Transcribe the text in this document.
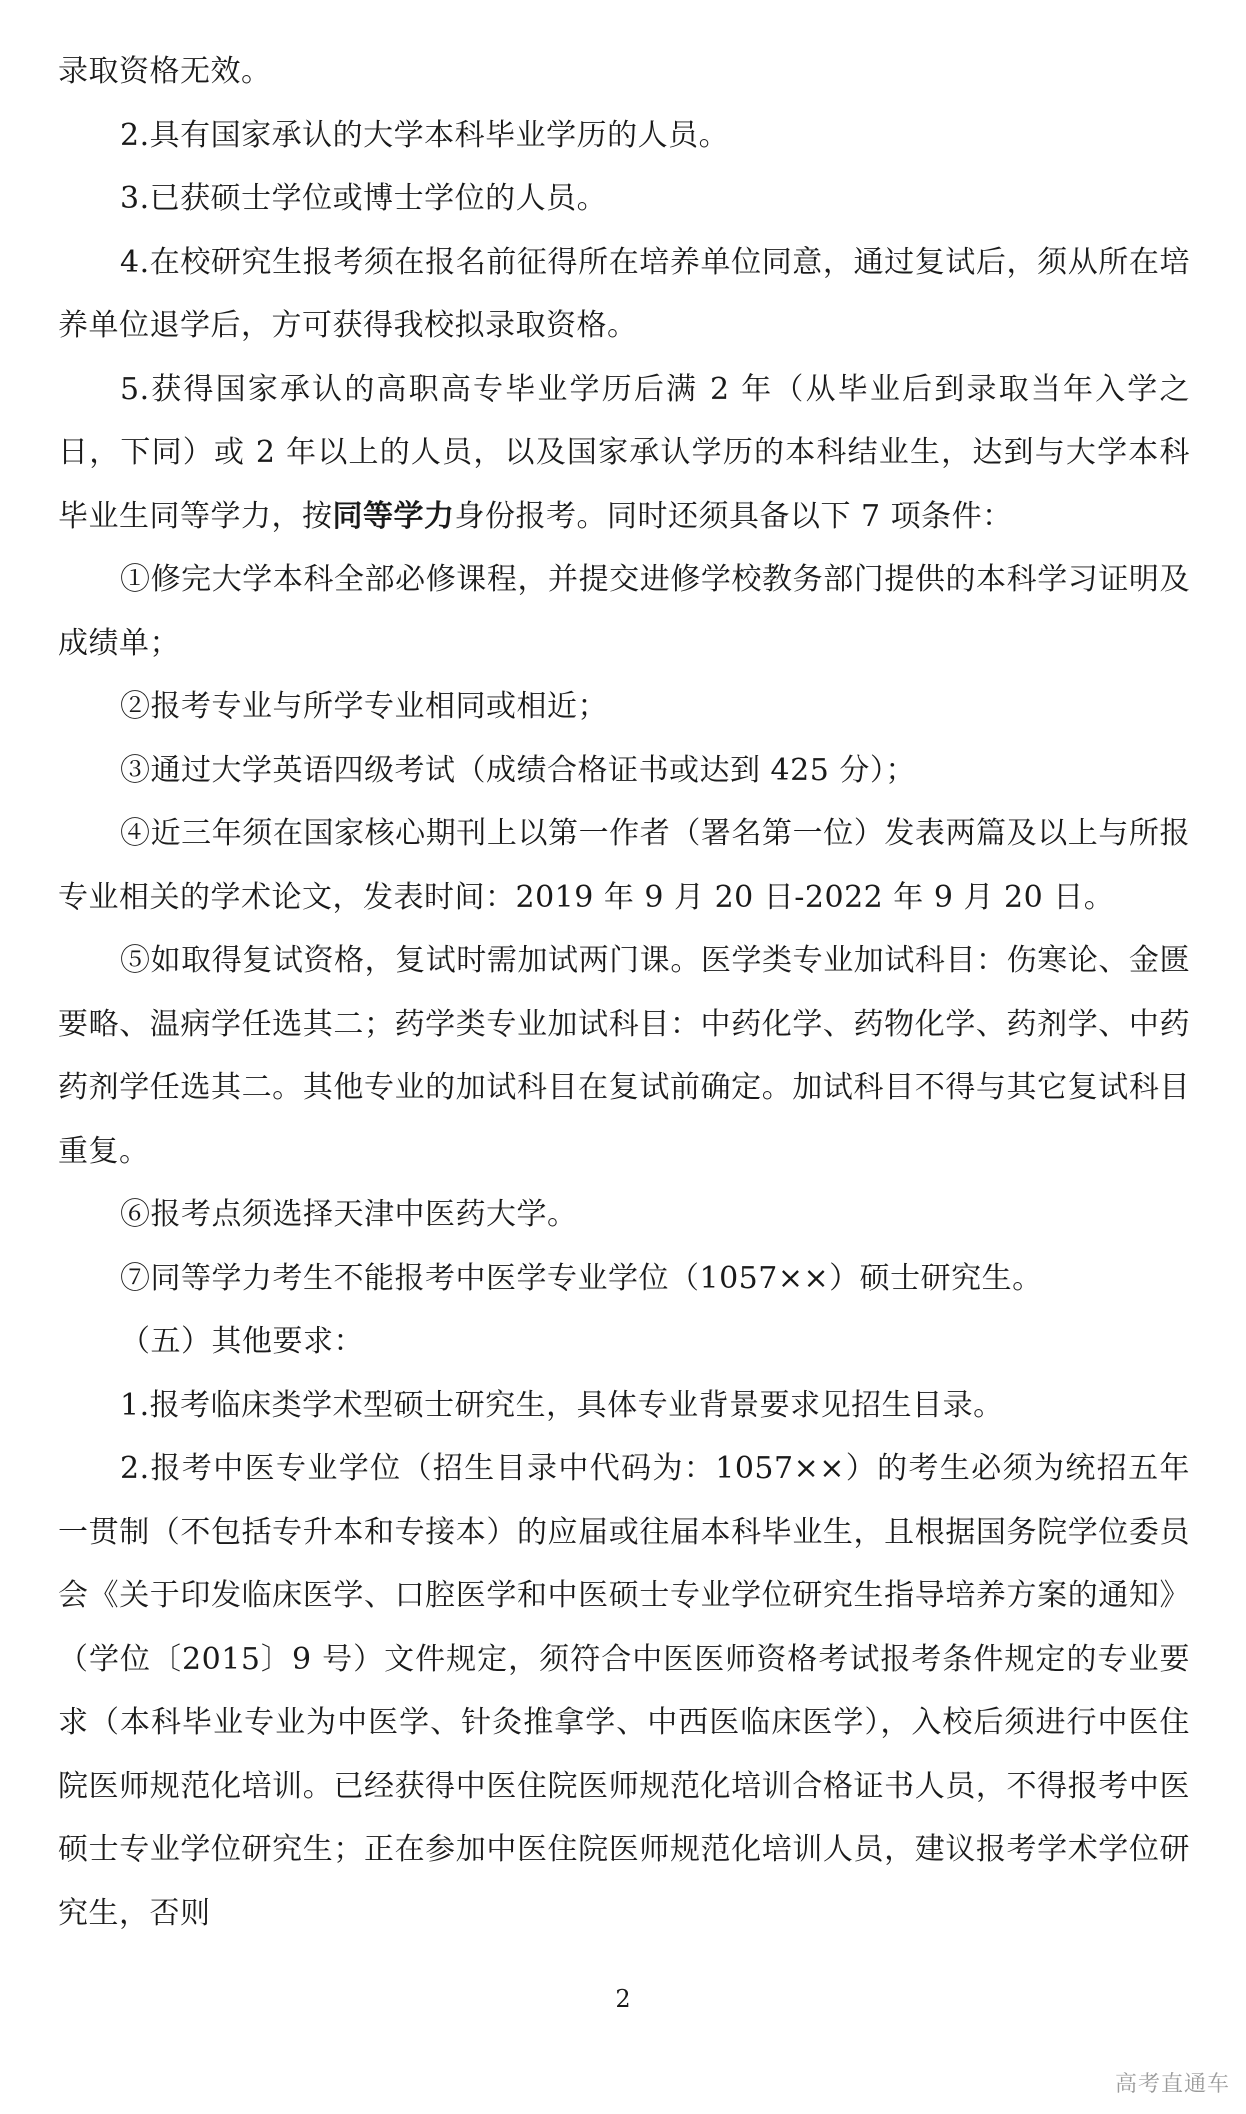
录取资格无效。

2.具有国家承认的大学本科毕业学历的人员。

3.已获硕士学位或博士学位的人员。

4.在校研究生报考须在报名前征得所在培养单位同意，通过复试后，须从所在培养单位退学后，方可获得我校拟录取资格。

5.获得国家承认的高职高专毕业学历后满 2 年（从毕业后到录取当年入学之日，下同）或 2 年以上的人员，以及国家承认学历的本科结业生，达到与大学本科毕业生同等学力，按同等学力身份报考。同时还须具备以下 7 项条件：

①修完大学本科全部必修课程，并提交进修学校教务部门提供的本科学习证明及成绩单；

②报考专业与所学专业相同或相近；

③通过大学英语四级考试（成绩合格证书或达到 425 分）；

④近三年须在国家核心期刊上以第一作者（署名第一位）发表两篇及以上与所报专业相关的学术论文，发表时间：2019 年 9 月 20 日-2022 年 9 月 20 日。

⑤如取得复试资格，复试时需加试两门课。医学类专业加试科目：伤寒论、金匮要略、温病学任选其二；药学类专业加试科目：中药化学、药物化学、药剂学、中药药剂学任选其二。其他专业的加试科目在复试前确定。加试科目不得与其它复试科目重复。

⑥报考点须选择天津中医药大学。

⑦同等学力考生不能报考中医学专业学位（1057××）硕士研究生。

（五）其他要求：

1.报考临床类学术型硕士研究生，具体专业背景要求见招生目录。

2.报考中医专业学位（招生目录中代码为：1057××）的考生必须为统招五年一贯制（不包括专升本和专接本）的应届或往届本科毕业生，且根据国务院学位委员会《关于印发临床医学、口腔医学和中医硕士专业学位研究生指导培养方案的通知》（学位〔2015〕9 号）文件规定，须符合中医医师资格考试报考条件规定的专业要求（本科毕业专业为中医学、针灸推拿学、中西医临床医学），入校后须进行中医住院医师规范化培训。已经获得中医住院医师规范化培训合格证书人员，不得报考中医硕士专业学位研究生；正在参加中医住院医师规范化培训人员，建议报考学术学位研究生，否则

2
高考直通车
